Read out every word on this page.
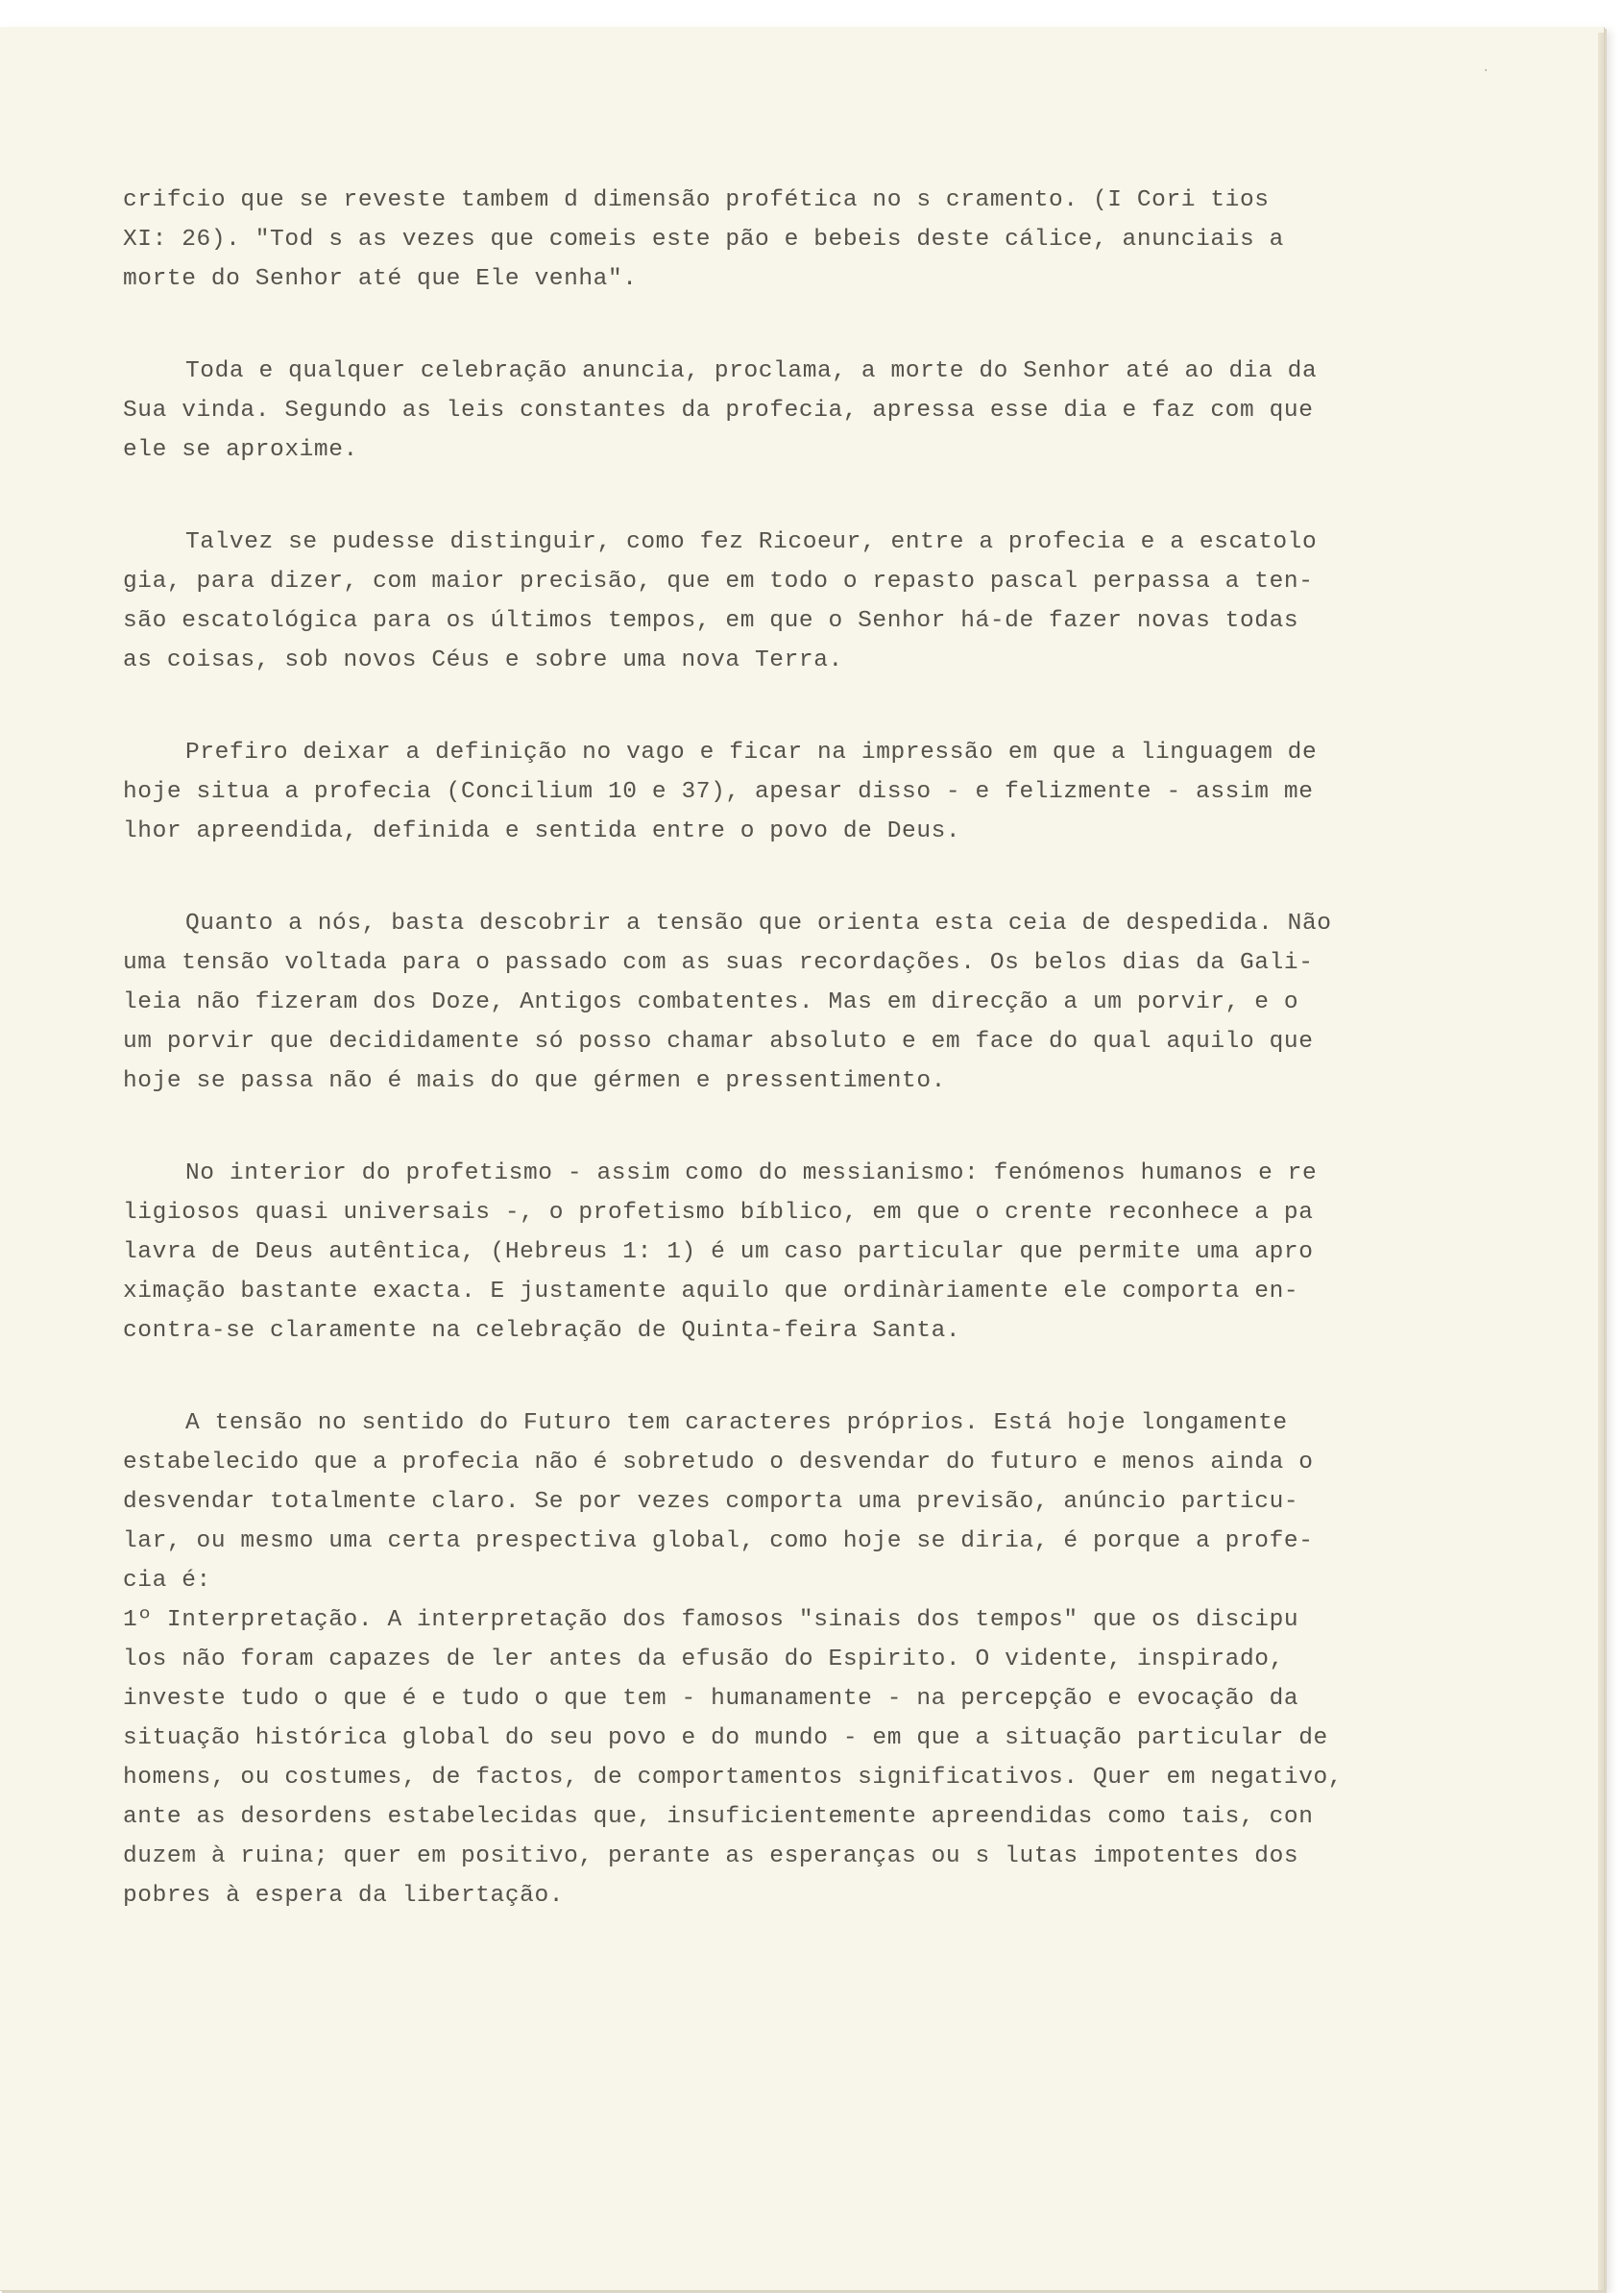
·
crifcio que se reveste tambem d dimensão profética no s cramento. (I Cori tios
XI: 26). "Tod s as vezes que comeis este pão e bebeis deste cálice, anunciais a
morte do Senhor até que Ele venha".
Toda e qualquer celebração anuncia, proclama, a morte do Senhor até ao dia da
Sua vinda. Segundo as leis constantes da profecia, apressa esse dia e faz com que
ele se aproxime.
Talvez se pudesse distinguir, como fez Ricoeur, entre a profecia e a escatolo
gia, para dizer, com maior precisão, que em todo o repasto pascal perpassa a ten-
são escatológica para os últimos tempos, em que o Senhor há-de fazer novas todas
as coisas, sob novos Céus e sobre uma nova Terra.
Prefiro deixar a definição no vago e ficar na impressão em que a linguagem de
hoje situa a profecia (Concilium 10 e 37), apesar disso - e felizmente - assim me
lhor apreendida, definida e sentida entre o povo de Deus.
Quanto a nós, basta descobrir a tensão que orienta esta ceia de despedida. Não
uma tensão voltada para o passado com as suas recordações. Os belos dias da Gali-
leia não fizeram dos Doze, Antigos combatentes. Mas em direcção a um porvir, e o
um porvir que decididamente só posso chamar absoluto e em face do qual aquilo que
hoje se passa não é mais do que gérmen e pressentimento.
No interior do profetismo - assim como do messianismo: fenómenos humanos e re
ligiosos quasi universais -, o profetismo bíblico, em que o crente reconhece a pa
lavra de Deus autêntica, (Hebreus 1: 1) é um caso particular que permite uma apro
ximação bastante exacta. E justamente aquilo que ordinàriamente ele comporta en-
contra-se claramente na celebração de Quinta-feira Santa.
A tensão no sentido do Futuro tem caracteres próprios. Está hoje longamente
estabelecido que a profecia não é sobretudo o desvendar do futuro e menos ainda o
desvendar totalmente claro. Se por vezes comporta uma previsão, anúncio particu-
lar, ou mesmo uma certa prespectiva global, como hoje se diria, é porque a profe-
cia é:
1º Interpretação. A interpretação dos famosos "sinais dos tempos" que os discipu
los não foram capazes de ler antes da efusão do Espirito. O vidente, inspirado,
investe tudo o que é e tudo o que tem - humanamente - na percepção e evocação da
situação histórica global do seu povo e do mundo - em que a situação particular de
homens, ou costumes, de factos, de comportamentos significativos. Quer em negativo,
ante as desordens estabelecidas que, insuficientemente apreendidas como tais, con
duzem à ruina; quer em positivo, perante as esperanças ou s lutas impotentes dos
pobres à espera da libertação.
